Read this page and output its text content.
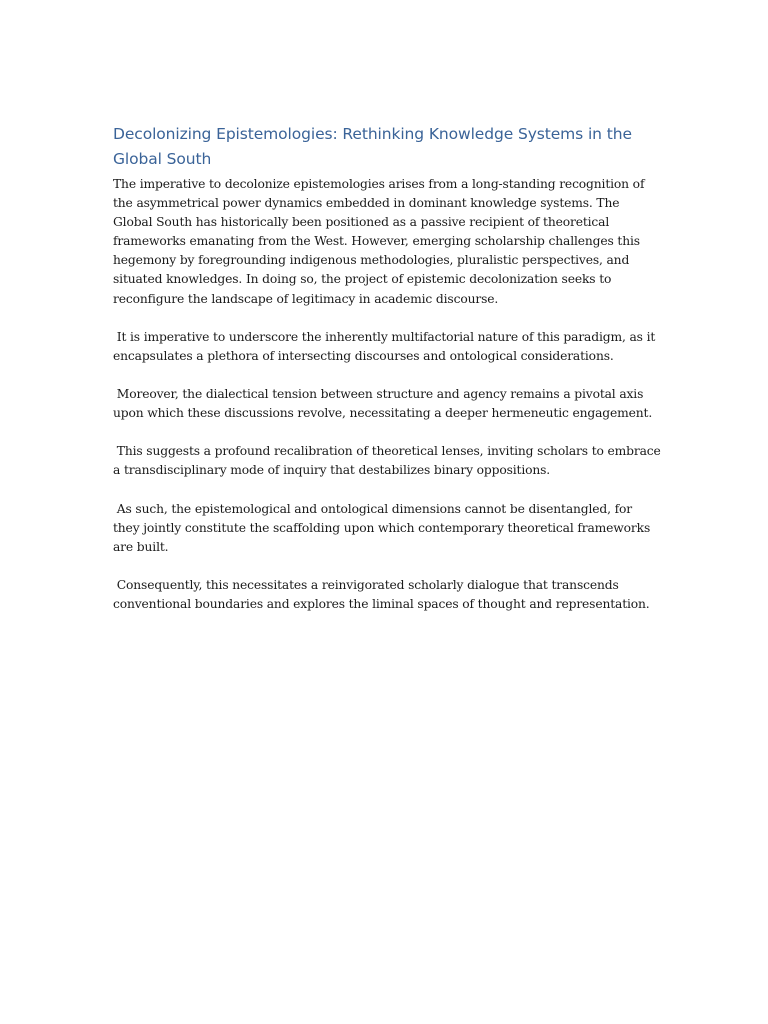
Decolonizing Epistemologies: Rethinking Knowledge Systems in the Global South

The imperative to decolonize epistemologies arises from a long-standing recognition of the asymmetrical power dynamics embedded in dominant knowledge systems. The Global South has historically been positioned as a passive recipient of theoretical frameworks emanating from the West. However, emerging scholarship challenges this hegemony by foregrounding indigenous methodologies, pluralistic perspectives, and situated knowledges. In doing so, the project of epistemic decolonization seeks to reconfigure the landscape of legitimacy in academic discourse.

It is imperative to underscore the inherently multifactorial nature of this paradigm, as it encapsulates a plethora of intersecting discourses and ontological considerations.

Moreover, the dialectical tension between structure and agency remains a pivotal axis upon which these discussions revolve, necessitating a deeper hermeneutic engagement.

This suggests a profound recalibration of theoretical lenses, inviting scholars to embrace a transdisciplinary mode of inquiry that destabilizes binary oppositions.

As such, the epistemological and ontological dimensions cannot be disentangled, for they jointly constitute the scaffolding upon which contemporary theoretical frameworks are built.

Consequently, this necessitates a reinvigorated scholarly dialogue that transcends conventional boundaries and explores the liminal spaces of thought and representation.
